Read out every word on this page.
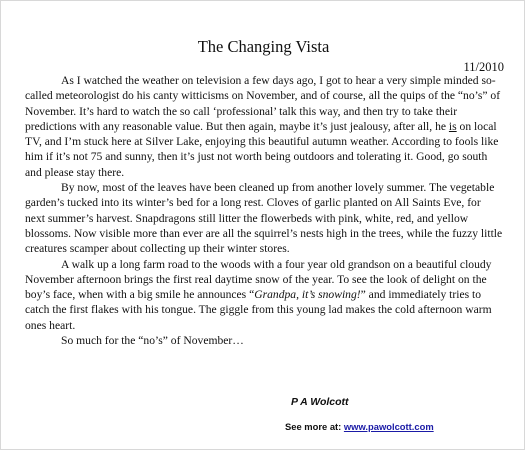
The Changing Vista
11/2010

As I watched the weather on television a few days ago, I got to hear a very simple minded so-called meteorologist do his canty witticisms on November, and of course, all the quips of the “no’s” of November. It’s hard to watch the so call ‘professional’ talk this way, and then try to take their predictions with any reasonable value. But then again, maybe it’s just jealousy, after all, he is on local TV, and I’m stuck here at Silver Lake, enjoying this beautiful autumn weather. According to fools like him if it’s not 75 and sunny, then it’s just not worth being outdoors and tolerating it. Good, go south and please stay there.

By now, most of the leaves have been cleaned up from another lovely summer. The vegetable garden’s tucked into its winter’s bed for a long rest. Cloves of garlic planted on All Saints Eve, for next summer’s harvest. Snapdragons still litter the flowerbeds with pink, white, red, and yellow blossoms. Now visible more than ever are all the squirrel’s nests high in the trees, while the fuzzy little creatures scamper about collecting up their winter stores.

A walk up a long farm road to the woods with a four year old grandson on a beautiful cloudy November afternoon brings the first real daytime snow of the year. To see the look of delight on the boy’s face, when with a big smile he announces “Grandpa, it’s snowing!” and immediately tries to catch the first flakes with his tongue. The giggle from this young lad makes the cold afternoon warm ones heart.

So much for the “no’s” of November…

P A Wolcott
See more at: www.pawolcott.com
